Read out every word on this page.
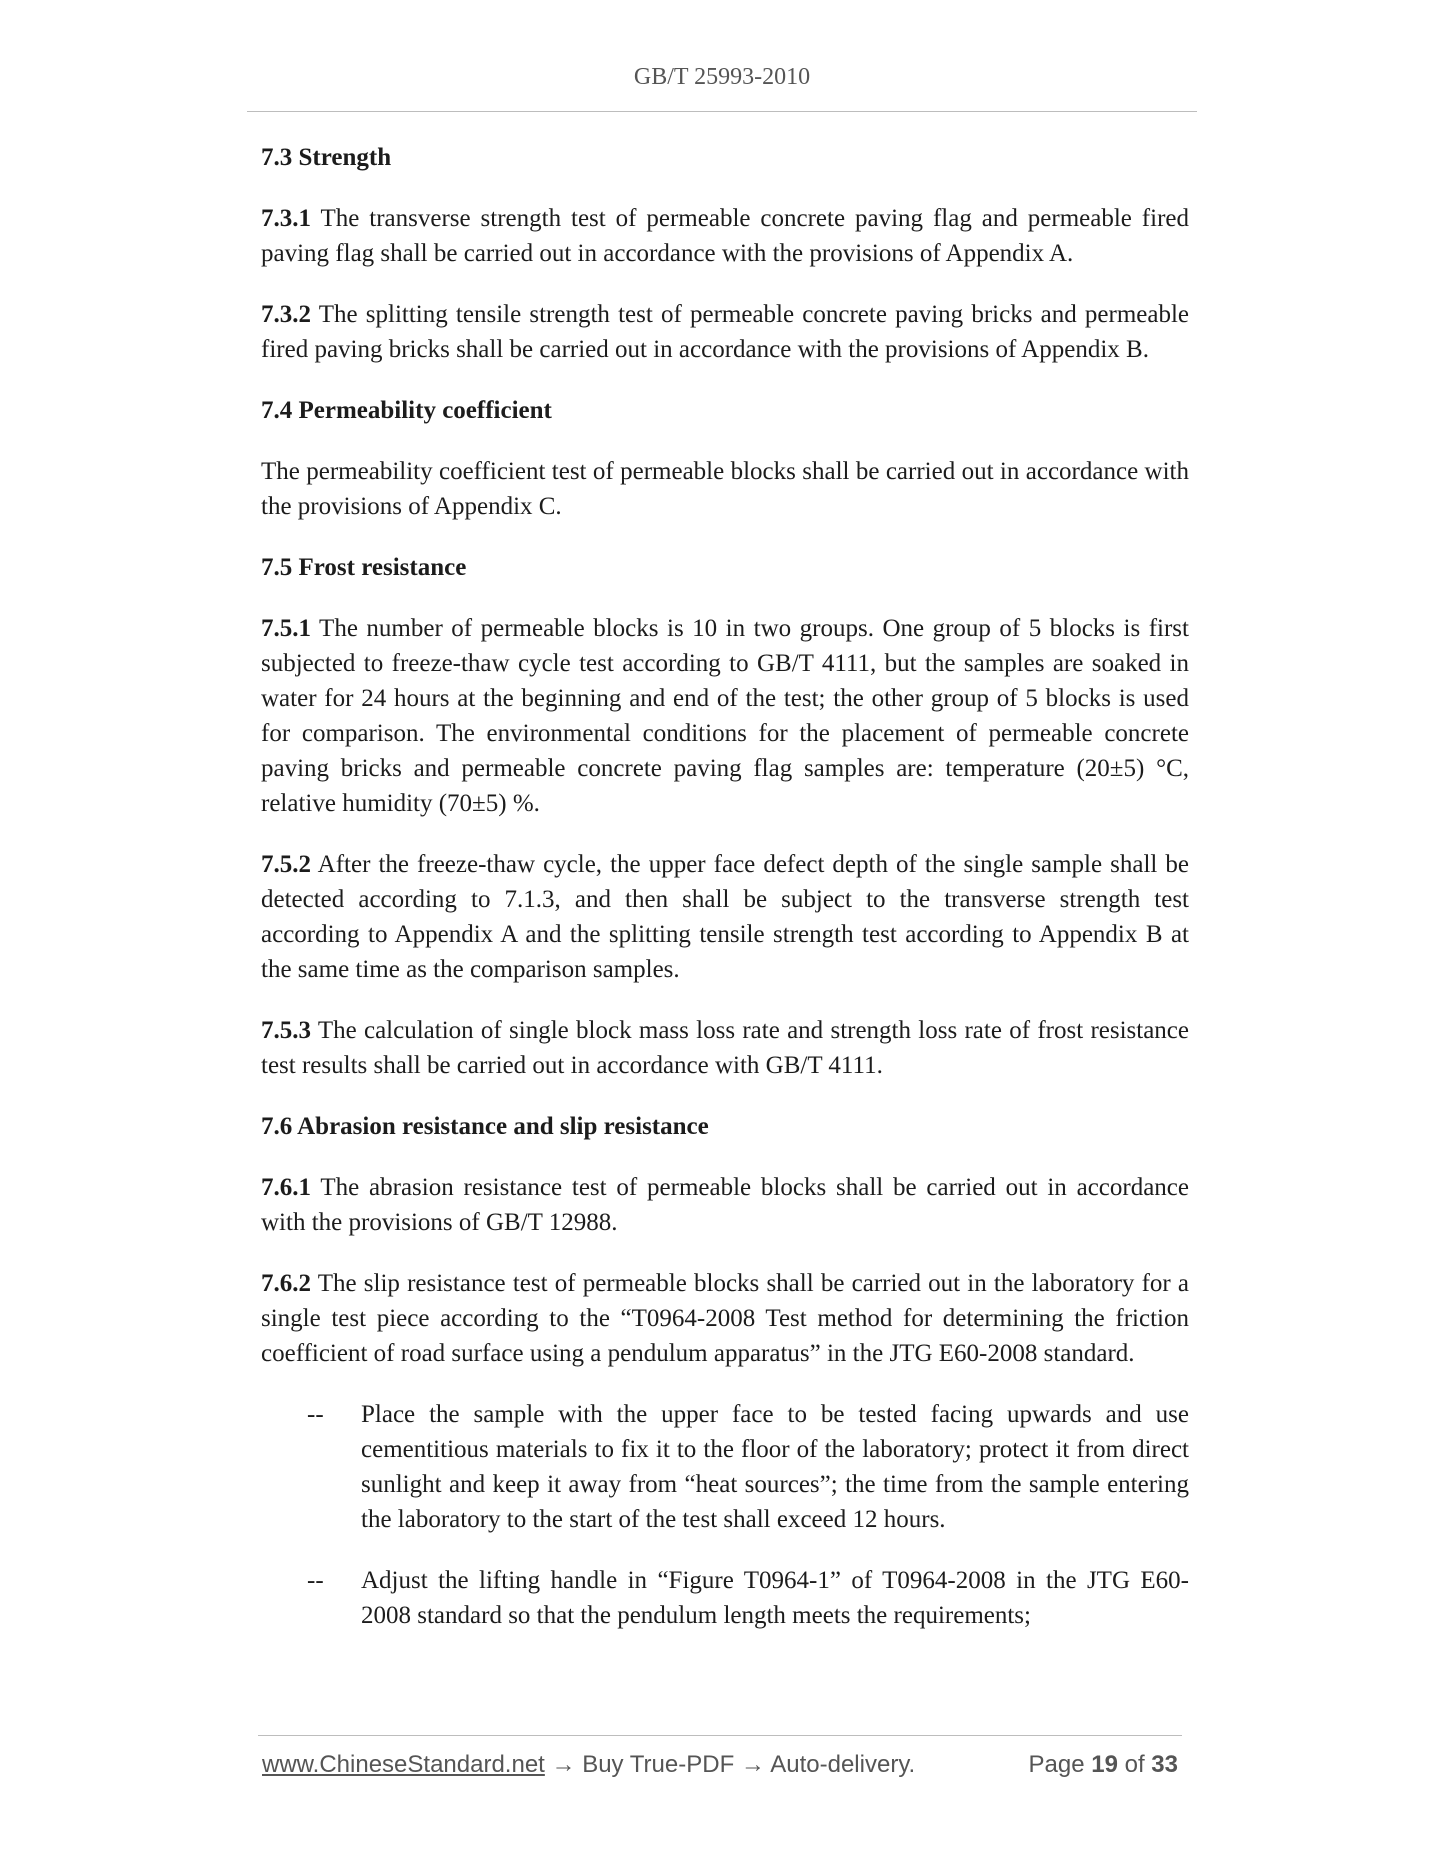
GB/T 25993-2010
7.3 Strength

7.3.1 The transverse strength test of permeable concrete paving flag and permeable fired paving flag shall be carried out in accordance with the provisions of Appendix A.

7.3.2 The splitting tensile strength test of permeable concrete paving bricks and permeable fired paving bricks shall be carried out in accordance with the provisions of Appendix B.

7.4 Permeability coefficient

The permeability coefficient test of permeable blocks shall be carried out in accordance with the provisions of Appendix C.

7.5 Frost resistance

7.5.1 The number of permeable blocks is 10 in two groups. One group of 5 blocks is first subjected to freeze-thaw cycle test according to GB/T 4111, but the samples are soaked in water for 24 hours at the beginning and end of the test; the other group of 5 blocks is used for comparison. The environmental conditions for the placement of permeable concrete paving bricks and permeable concrete paving flag samples are: temperature (20±5) °C, relative humidity (70±5) %.

7.5.2 After the freeze-thaw cycle, the upper face defect depth of the single sample shall be detected according to 7.1.3, and then shall be subject to the transverse strength test according to Appendix A and the splitting tensile strength test according to Appendix B at the same time as the comparison samples.

7.5.3 The calculation of single block mass loss rate and strength loss rate of frost resistance test results shall be carried out in accordance with GB/T 4111.

7.6 Abrasion resistance and slip resistance

7.6.1 The abrasion resistance test of permeable blocks shall be carried out in accordance with the provisions of GB/T 12988.

7.6.2 The slip resistance test of permeable blocks shall be carried out in the laboratory for a single test piece according to the “T0964-2008 Test method for determining the friction coefficient of road surface using a pendulum apparatus” in the JTG E60-2008 standard.

-- Place the sample with the upper face to be tested facing upwards and use cementitious materials to fix it to the floor of the laboratory; protect it from direct sunlight and keep it away from “heat sources”; the time from the sample entering the laboratory to the start of the test shall exceed 12 hours.

-- Adjust the lifting handle in “Figure T0964-1” of T0964-2008 in the JTG E60-2008 standard so that the pendulum length meets the requirements;

www.ChineseStandard.net → Buy True-PDF → Auto-delivery.	Page 19 of 33
